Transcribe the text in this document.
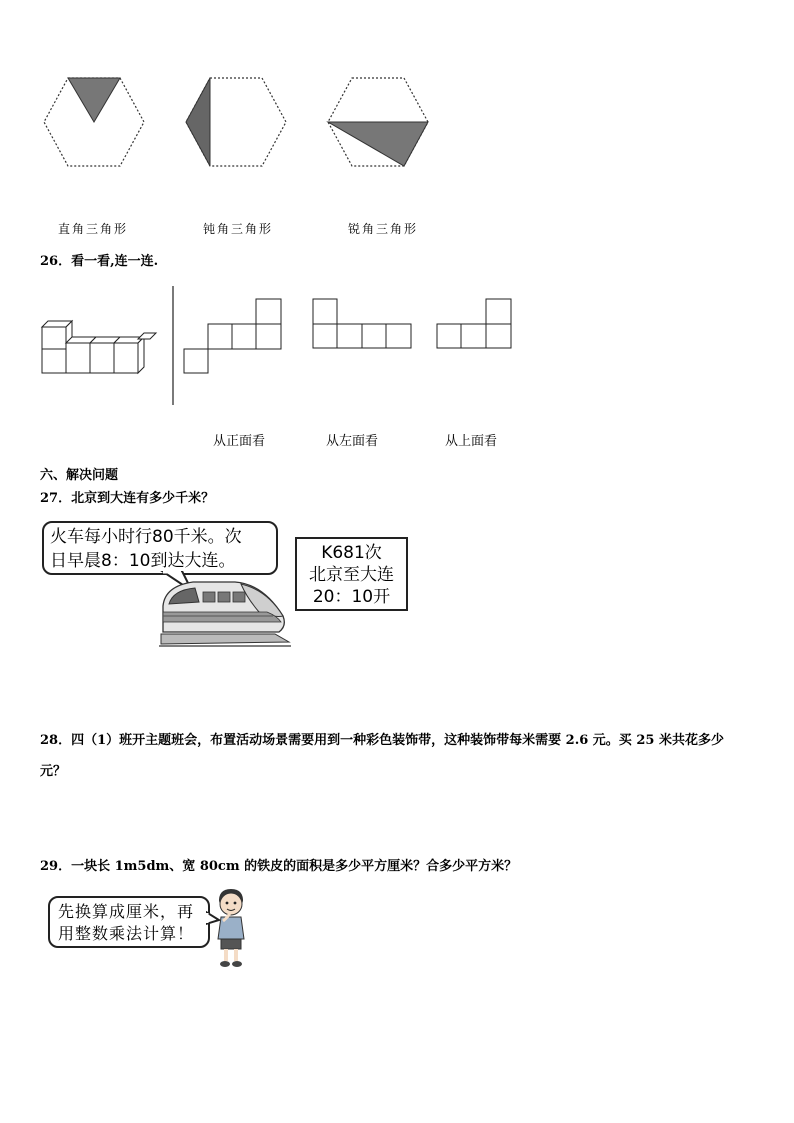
直角三角形	钝角三角形	锐角三角形
26．看一看,连一连.
从正面看	从左面看	从上面看
六、解决问题
27．北京到大连有多少千米？
火车每小时行80千米。次
日早晨8：10到达大连。	K681次
北京至大连
20：10开
28．四（1）班开主题班会，布置活动场景需要用到一种彩色装饰带，这种装饰带每米需要 2.6 元。买 25 米共花多少
元？
29．一块长 1m5dm、宽 80cm 的铁皮的面积是多少平方厘米？合多少平方米？
先换算成厘米，再
用整数乘法计算！
